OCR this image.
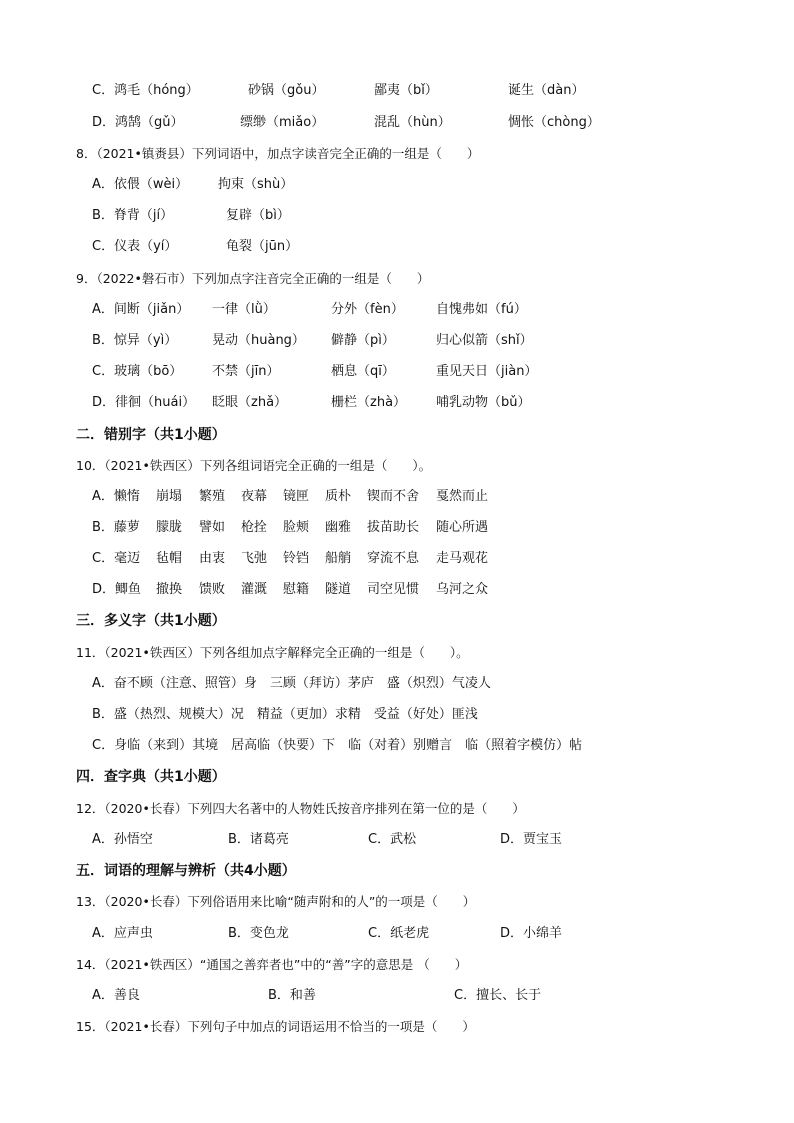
C．鸿毛（hóng）	砂锅（gǒu）	鄙夷（bǐ）	诞生（dàn）
D．鸿鹄（gǔ）	缥缈（miǎo）	混乱（hùn）	惆怅（chòng）
8．（2021•镇赉县）下列词语中，加点字读音完全正确的一组是（　　）
A．依偎（wèi） 拘束（shù）
B．脊背（jí）	复辟（bì）
C．仪表（yí）	龟裂（jūn）
9．（2022•磐石市）下列加点字注音完全正确的一组是（　　）
A．间断（jiǎn） 一律（lǜ）	分外（fèn） 自愧弗如（fú）
B．惊异（yì）	晃动（huàng） 僻静（pì）	归心似箭（shǐ）
C．玻璃（bō） 不禁（jīn）	栖息（qī）	重见天日（jiàn）
D．徘徊（huái） 眨眼（zhǎ）	栅栏（zhà） 哺乳动物（bǔ）
二．错别字（共1小题）
10．（2021•铁西区）下列各组词语完全正确的一组是（　　）。
A．懒惰 崩塌 繁殖 夜幕 镜匣 质朴 锲而不舍 戛然而止
B．藤萝 朦胧 譬如 枪拴 脸颊 幽雅 拔苗助长 随心所遇
C．毫迈 毡帽 由衷 飞弛 铃铛 船艄 穿流不息 走马观花
D．鲫鱼 撤换 馈败 灌溉 慰籍 隧道 司空见惯 乌河之众
三．多义字（共1小题）
11．（2021•铁西区）下列各组加点字解释完全正确的一组是（　　）。
A．奋不顾（注意、照管）身　三顾（拜访）茅庐　盛（炽烈）气凌人
B．盛（热烈、规模大）况　精益（更加）求精　受益（好处）匪浅
C．身临（来到）其境　居高临（快要）下　临（对着）别赠言　临（照着字模仿）帖
四．查字典（共1小题）
12．（2020•长春）下列四大名著中的人物姓氏按音序排列在第一位的是（　　）
A．孙悟空	B．诸葛亮	C．武松	D．贾宝玉
五．词语的理解与辨析（共4小题）
13．（2020•长春）下列俗语用来比喻“随声附和的人”的一项是（　　）
A．应声虫	B．变色龙	C．纸老虎	D．小绵羊
14．（2021•铁西区）“通国之善弈者也”中的“善”字的意思是 （　　）
A．善良	B．和善	C．擅长、长于
15．（2021•长春）下列句子中加点的词语运用不恰当的一项是（　　）
